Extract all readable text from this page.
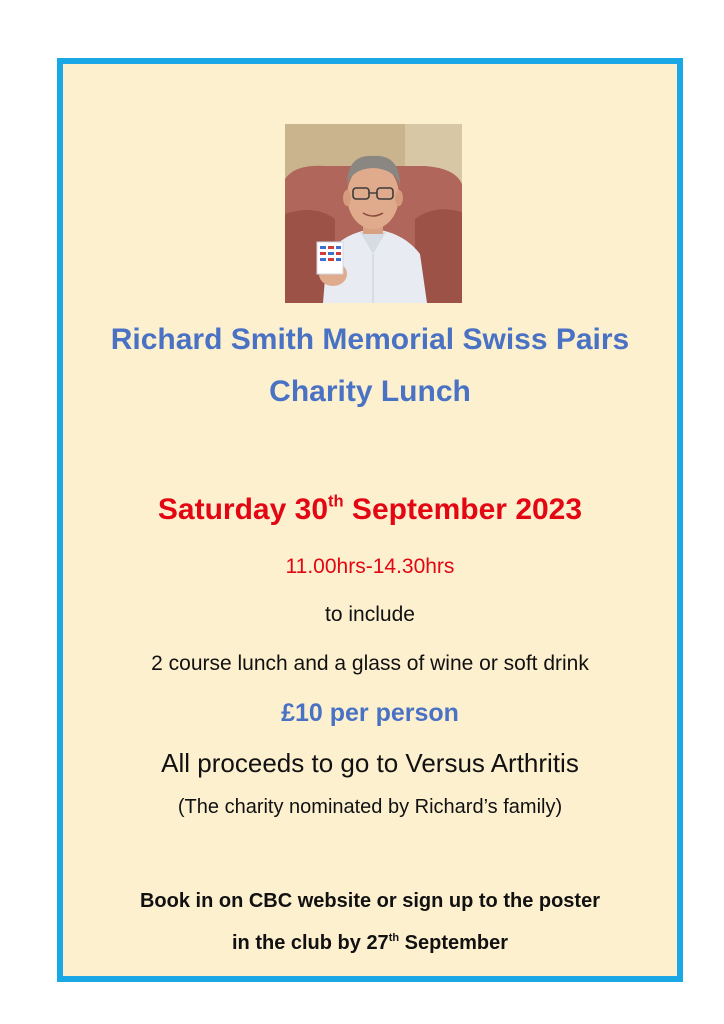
Richard Smith Memorial Swiss Pairs
Charity Lunch
Saturday 30th September 2023
11.00hrs-14.30hrs
to include
2 course lunch and a glass of wine or soft drink
£10 per person
All proceeds to go to Versus Arthritis
(The charity nominated by Richard’s family)
Book in on CBC website or sign up to the poster
in the club by 27th September
